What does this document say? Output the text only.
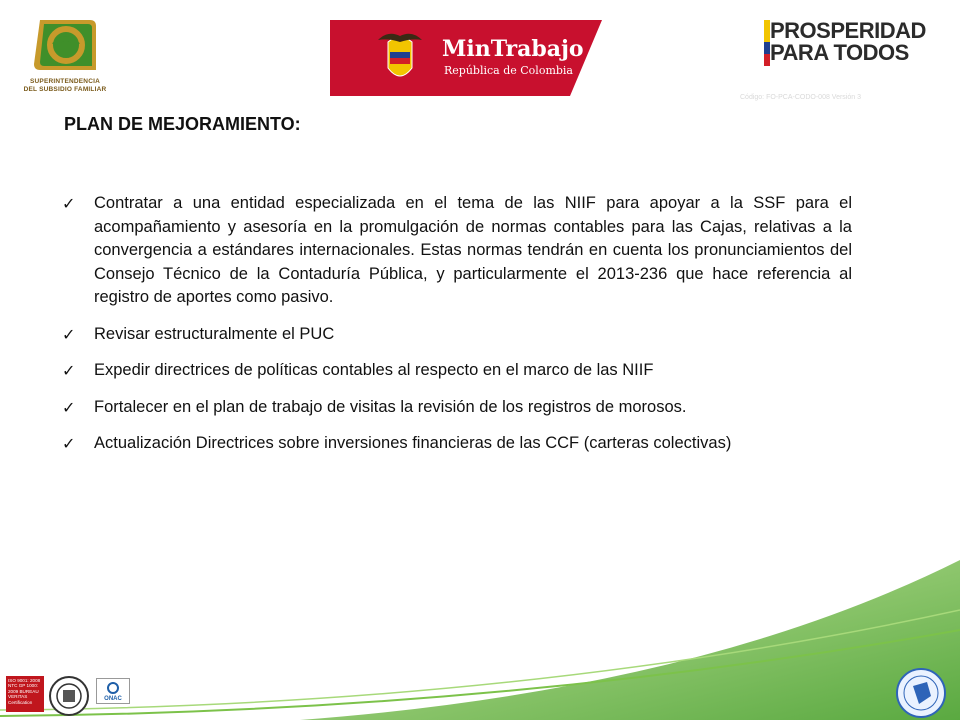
SUPERINTENDENCIA
DEL SUBSIDIO FAMILIAR
MinTrabajo
República de Colombia
PROSPERIDAD
PARA TODOS
Código: FO-PCA-CODO-008 Versión 3
PLAN DE MEJORAMIENTO:
✓ Contratar a una entidad especializada en el tema de las NIIF para apoyar a la SSF para el acompañamiento y asesoría en la promulgación de normas contables para las Cajas, relativas a la convergencia a estándares internacionales. Estas normas tendrán en cuenta los pronunciamientos del Consejo Técnico de la Contaduría Pública, y particularmente el 2013-236 que hace referencia al registro de aportes como pasivo.

✓ Revisar estructuralmente el PUC

✓ Expedir directrices de políticas contables al respecto en el marco de las NIIF

✓ Fortalecer en el plan de trabajo de visitas la revisión de los registros de morosos.

✓ Actualización Directrices sobre inversiones financieras de las CCF (carteras colectivas)

ISO 9001: 2008 NTC GP 1000: 2009 BUREAU VERITAS Certification
ONAC
